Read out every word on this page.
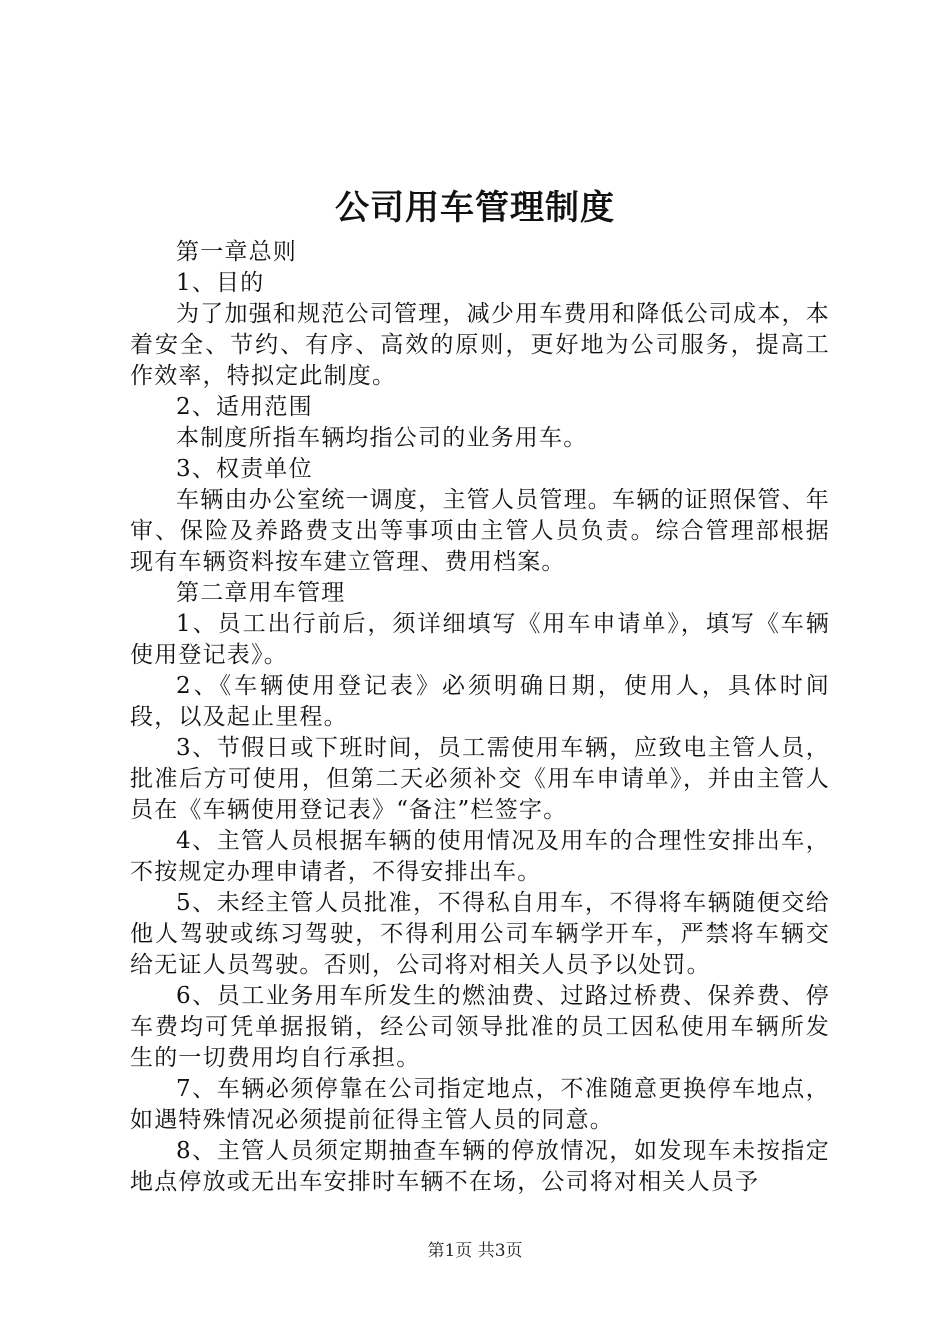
公司用车管理制度

第一章总则

1、目的

为了加强和规范公司管理，减少用车费用和降低公司成本，本着安全、节约、有序、高效的原则，更好地为公司服务，提高工作效率，特拟定此制度。

2、适用范围

本制度所指车辆均指公司的业务用车。

3、权责单位

车辆由办公室统一调度，主管人员管理。车辆的证照保管、年审、保险及养路费支出等事项由主管人员负责。综合管理部根据现有车辆资料按车建立管理、费用档案。

第二章用车管理

1、员工出行前后，须详细填写《用车申请单》，填写《车辆使用登记表》。

2、《车辆使用登记表》必须明确日期，使用人，具体时间段，以及起止里程。

3、节假日或下班时间，员工需使用车辆，应致电主管人员，批准后方可使用，但第二天必须补交《用车申请单》，并由主管人员在《车辆使用登记表》“备注”栏签字。

4、主管人员根据车辆的使用情况及用车的合理性安排出车，不按规定办理申请者，不得安排出车。

5、未经主管人员批准，不得私自用车，不得将车辆随便交给他人驾驶或练习驾驶，不得利用公司车辆学开车，严禁将车辆交给无证人员驾驶。否则，公司将对相关人员予以处罚。

6、员工业务用车所发生的燃油费、过路过桥费、保养费、停车费均可凭单据报销，经公司领导批准的员工因私使用车辆所发生的一切费用均自行承担。

7、车辆必须停靠在公司指定地点，不准随意更换停车地点，如遇特殊情况必须提前征得主管人员的同意。

8、主管人员须定期抽查车辆的停放情况，如发现车未按指定地点停放或无出车安排时车辆不在场，公司将对相关人员予

第1页 共3页
